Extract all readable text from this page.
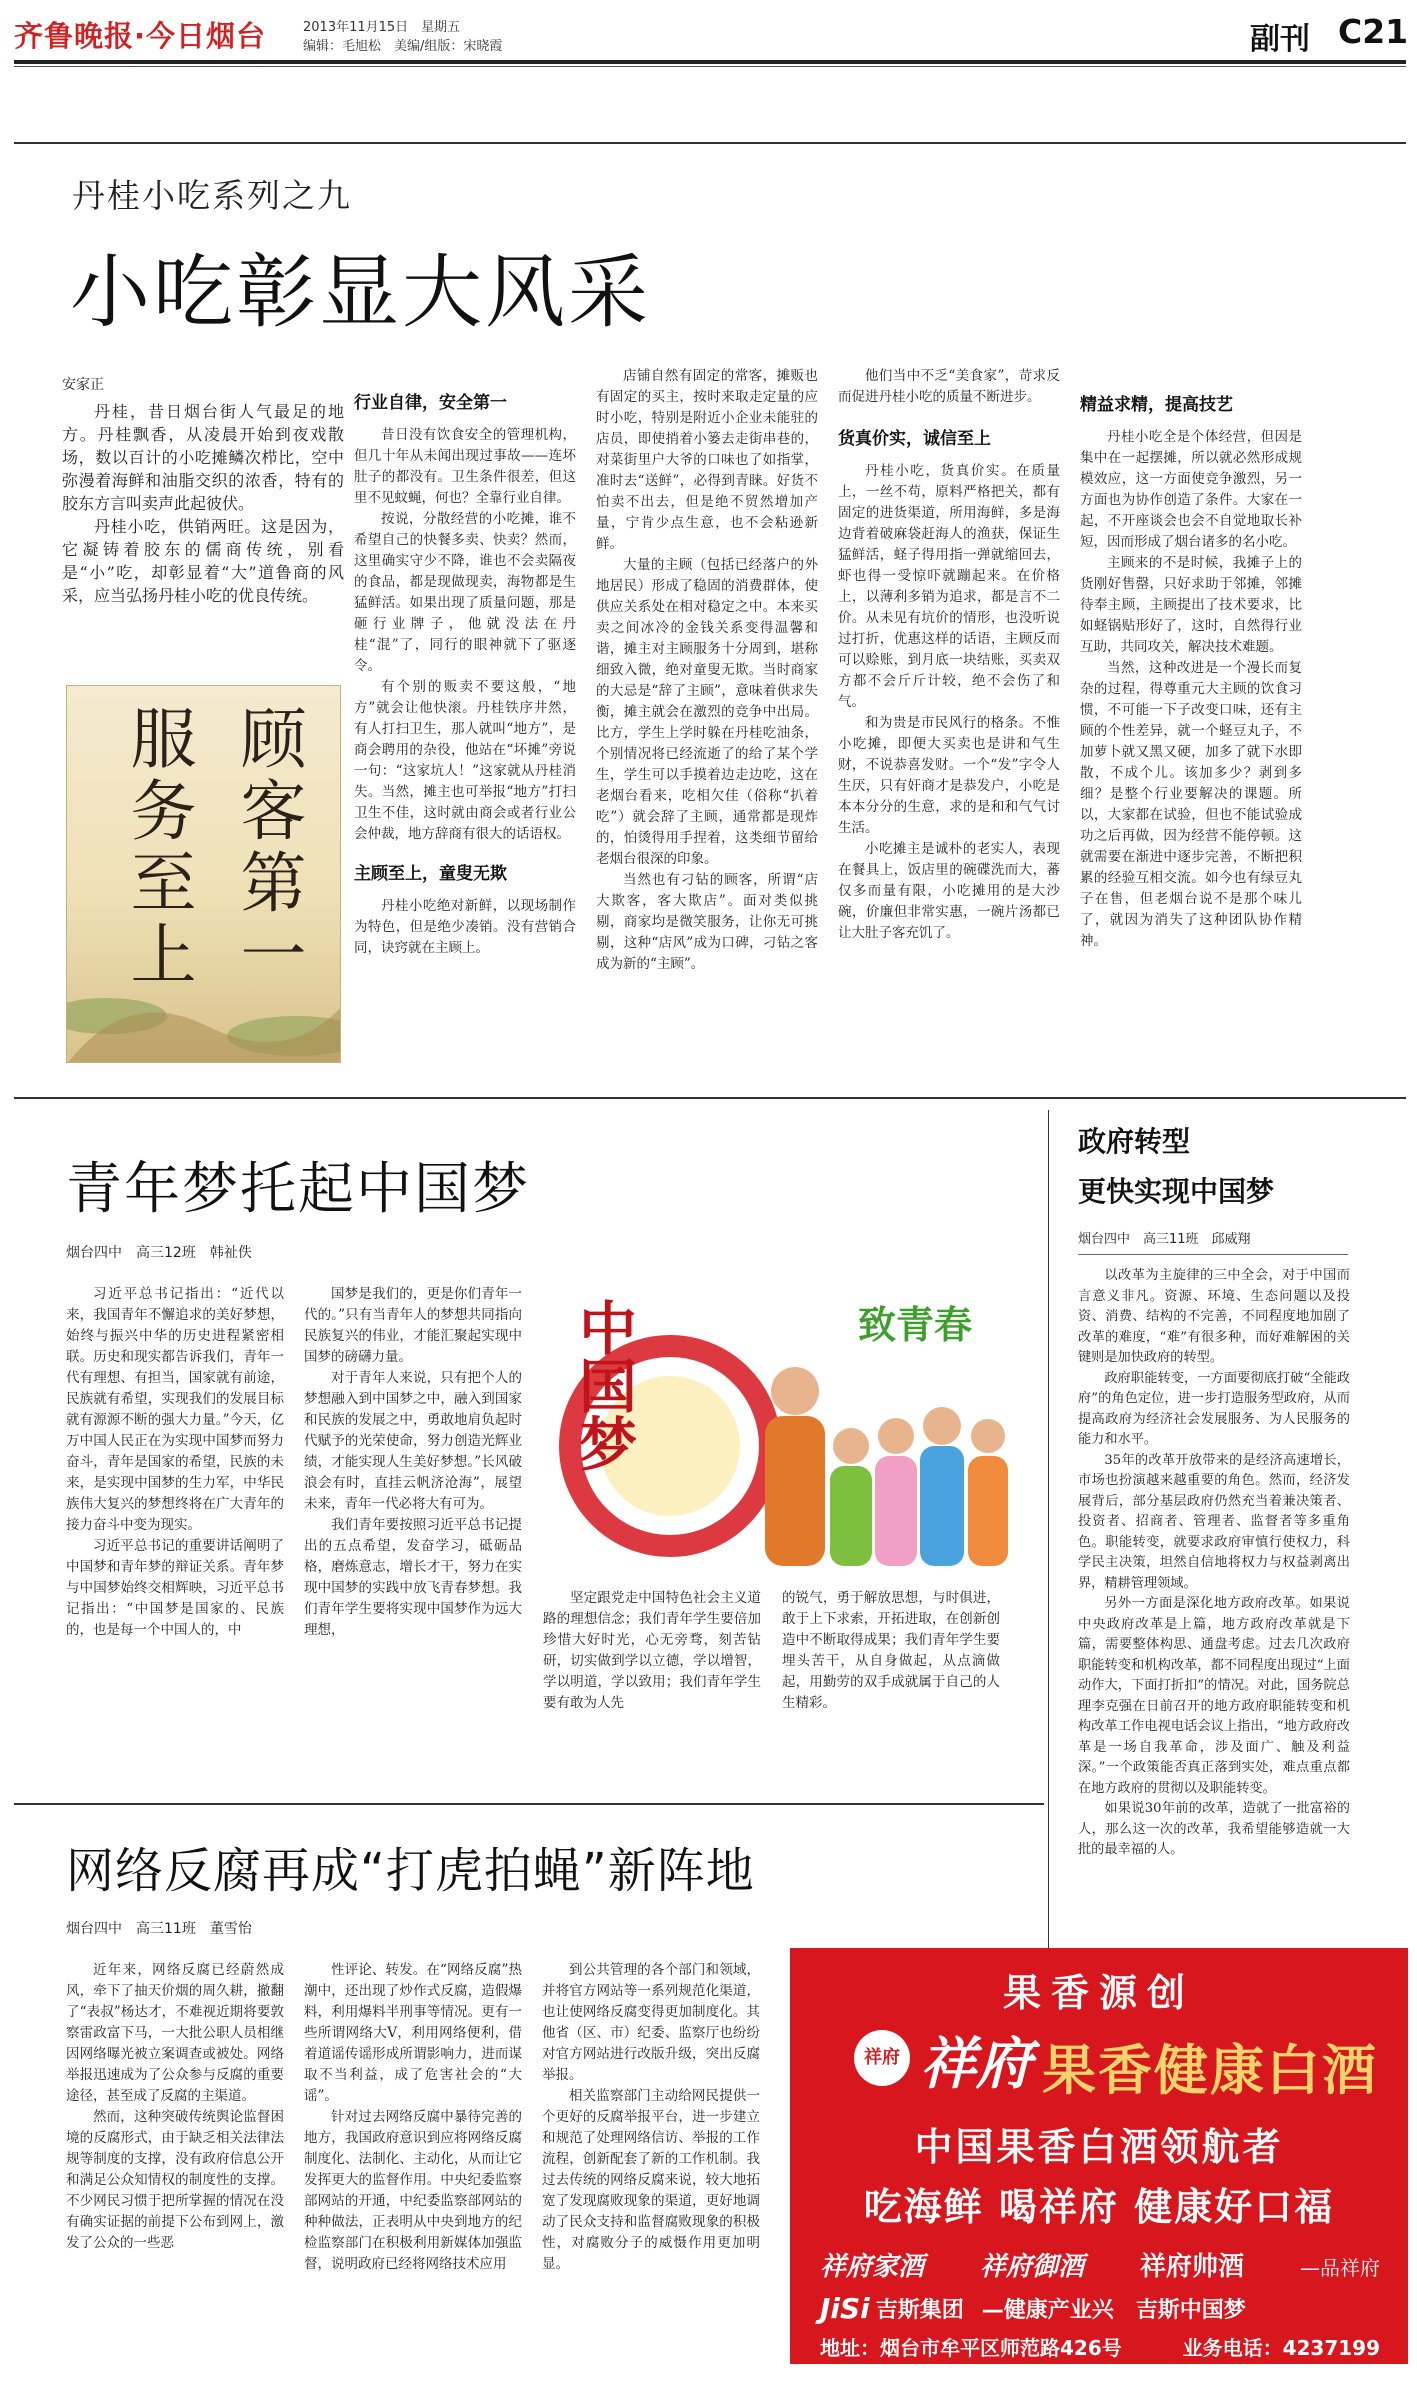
齐鲁晚报·今日烟台	2013年11月15日　星期五
编辑：毛旭松　美编/组版：宋晓霞	副刊 C21
丹桂小吃系列之九
小吃彰显大风采
安家正

丹桂，昔日烟台街人气最足的地方。丹桂飘香，从凌晨开始到夜戏散场，数以百计的小吃摊鳞次栉比，空中弥漫着海鲜和油脂交织的浓香，特有的胶东方言叫卖声此起彼伏。

丹桂小吃，供销两旺。这是因为，它凝铸着胶东的儒商传统，别看是“小”吃，却彰显着“大”道鲁商的风采，应当弘扬丹桂小吃的优良传统。

顾客第一 服务至上
行业自律，安全第一

昔日没有饮食安全的管理机构，但几十年从未闻出现过事故——连坏肚子的都没有。卫生条件很差，但这里不见蚊蝇，何也？全靠行业自律。

按说，分散经营的小吃摊，谁不希望自己的快餐多卖、快卖？然而，这里确实守少不降，谁也不会卖隔夜的食品，都是现做现卖，海物都是生猛鲜活。如果出现了质量问题，那是砸行业牌子，他就没法在丹桂“混”了，同行的眼神就下了驱逐令。

有个别的贩卖不要这般，“地方”就会让他快滚。丹桂铁序井然，有人打扫卫生，那人就叫“地方”，是商会聘用的杂役，他站在“坏摊”旁说一句：“这家坑人！”这家就从丹桂消失。当然，摊主也可举报“地方”打扫卫生不佳，这时就由商会或者行业公会仲裁，地方辞商有很大的话语权。

主顾至上，童叟无欺

丹桂小吃绝对新鲜，以现场制作为特色，但是绝少凑销。没有营销合同，诀窍就在主顾上。

店铺自然有固定的常客，摊贩也有固定的买主，按时来取走定量的应时小吃，特别是附近小企业未能驻的店员，即使捎着小篓去走街串巷的，对菜街里户大爷的口味也了如指掌，准时去“送鲜”，必得到青睐。好货不怕卖不出去，但是绝不贸然增加产量，宁肯少点生意，也不会粘逊新鲜。

大量的主顾（包括已经落户的外地居民）形成了稳固的消费群体，使供应关系处在相对稳定之中。本来买卖之间冰冷的金钱关系变得温馨和谐，摊主对主顾服务十分周到，堪称细致入微，绝对童叟无欺。当时商家的大忌是“辞了主顾”，意味着供求失衡，摊主就会在激烈的竞争中出局。比方，学生上学时躲在丹桂吃油条，个别情况将已经流逝了的给了某个学生，学生可以手摸着边走边吃，这在老烟台看来，吃相欠佳（俗称“扒着吃”）就会辞了主顾，通常都是现炸的，怕烫得用手捏着，这类细节留给老烟台很深的印象。

当然也有刁钻的顾客，所谓“店大欺客，客大欺店”。面对类似挑剔，商家均是微笑服务，让你无可挑剔，这种“店风”成为口碑，刁钻之客成为新的“主顾”。

他们当中不乏“美食家”，苛求反而促进丹桂小吃的质量不断进步。

货真价实，诚信至上

丹桂小吃，货真价实。在质量上，一丝不苟，原料严格把关，都有固定的进货渠道，所用海鲜，多是海边背着破麻袋赶海人的渔获，保证生猛鲜活，蛏子得用指一弹就缩回去，虾也得一受惊吓就蹦起来。在价格上，以薄利多销为追求，都是言不二价。从未见有坑价的情形，也没听说过打折，优惠这样的话语，主顾反而可以赊账，到月底一块结账，买卖双方都不会斤斤计较，绝不会伤了和气。

和为贵是市民风行的格条。不惟小吃摊，即便大买卖也是讲和气生财，不说恭喜发财。一个“发”字令人生厌，只有奸商才是恭发户，小吃是本本分分的生意，求的是和和气气讨生活。

小吃摊主是诚朴的老实人，表现在餐具上，饭店里的碗碟洗而大，蕃仅多而量有限，小吃摊用的是大沙碗，价廉但非常实惠，一碗片汤都已让大肚子客充饥了。

精益求精，提高技艺

丹桂小吃全是个体经营，但因是集中在一起摆摊，所以就必然形成规模效应，这一方面使竞争激烈，另一方面也为协作创造了条件。大家在一起，不开座谈会也会不自觉地取长补短，因而形成了烟台诸多的名小吃。

主顾来的不是时候，我摊子上的货刚好售罄，只好求助于邻摊，邻摊待奉主顾，主顾提出了技术要求，比如蛏锅贴形好了，这时，自然得行业互助，共同攻关，解决技术难题。

当然，这种改进是一个漫长而复杂的过程，得尊重元大主顾的饮食习惯，不可能一下子改变口味，还有主顾的个性差异，就一个蛏豆丸子，不加萝卜就又黑又硬，加多了就下水即散，不成个儿。该加多少？剥到多细？是整个行业要解决的课题。所以，大家都在试验，但也不能试验成功之后再做，因为经营不能停顿。这就需要在渐进中逐步完善，不断把积累的经验互相交流。如今也有绿豆丸子在售，但老烟台说不是那个味儿了，就因为消失了这种团队协作精神。

青年梦托起中国梦
烟台四中　高三12班　韩祉佚

习近平总书记指出：“近代以来，我国青年不懈追求的美好梦想，始终与振兴中华的历史进程紧密相联。历史和现实都告诉我们，青年一代有理想、有担当，国家就有前途，民族就有希望，实现我们的发展目标就有源源不断的强大力量。”今天，亿万中国人民正在为实现中国梦而努力奋斗，青年是国家的希望，民族的未来，是实现中国梦的生力军，中华民族伟大复兴的梦想终将在广大青年的接力奋斗中变为现实。

习近平总书记的重要讲话阐明了中国梦和青年梦的辩证关系。青年梦与中国梦始终交相辉映，习近平总书记指出：“中国梦是国家的、民族的，也是每一个中国人的，中

国梦是我们的，更是你们青年一代的。”只有当青年人的梦想共同指向民族复兴的伟业，才能汇聚起实现中国梦的磅礴力量。

对于青年人来说，只有把个人的梦想融入到中国梦之中，融入到国家和民族的发展之中，勇敢地肩负起时代赋予的光荣使命，努力创造光辉业绩，才能实现人生美好梦想。”长风破浪会有时，直挂云帆济沧海”，展望未来，青年一代必将大有可为。

我们青年要按照习近平总书记提出的五点希望，发奋学习，砥砺品格，磨炼意志，增长才干，努力在实现中国梦的实践中放飞青春梦想。我们青年学生要将实现中国梦作为远大理想，

中国梦	致青春

坚定跟党走中国特色社会主义道路的理想信念；我们青年学生要倍加珍惜大好时光，心无旁骛，刻苦钻研，切实做到学以立德，学以增智，学以明道，学以致用；我们青年学生要有敢为人先

的锐气，勇于解放思想，与时俱进，敢于上下求索，开拓进取，在创新创造中不断取得成果；我们青年学生要埋头苦干，从自身做起，从点滴做起，用勤劳的双手成就属于自己的人生精彩。

政府转型
更快实现中国梦
烟台四中　高三11班　邱威翔

以改革为主旋律的三中全会，对于中国而言意义非凡。资源、环境、生态问题以及投资、消费、结构的不完善，不同程度地加剧了改革的难度，“难”有很多种，而好难解困的关键则是加快政府的转型。

政府职能转变，一方面要彻底打破“全能政府”的角色定位，进一步打造服务型政府，从而提高政府为经济社会发展服务、为人民服务的能力和水平。

35年的改革开放带来的是经济高速增长，市场也扮演越来越重要的角色。然而，经济发展背后，部分基层政府仍然充当着兼决策者、投资者、招商者、管理者、监督者等多重角色。职能转变，就要求政府审慎行使权力，科学民主决策，坦然自信地将权力与权益剥离出界，精耕管理领域。

另外一方面是深化地方政府改革。如果说中央政府改革是上篇，地方政府改革就是下篇，需要整体构思、通盘考虑。过去几次政府职能转变和机构改革，都不同程度出现过“上面动作大，下面打折扣”的情况。对此，国务院总理李克强在日前召开的地方政府职能转变和机构改革工作电视电话会议上指出，“地方政府改革是一场自我革命，涉及面广、触及利益深。”一个政策能否真正落到实处，难点重点都在地方政府的贯彻以及职能转变。

如果说30年前的改革，造就了一批富裕的人，那么这一次的改革，我希望能够造就一大批的最幸福的人。

网络反腐再成“打虎拍蝇”新阵地
烟台四中　高三11班　董雪怡

近年来，网络反腐已经蔚然成风，牵下了抽天价烟的周久耕，撤翻了“表叔”杨达才，不难视近期将要敦察雷政富下马，一大批公职人员相继因网络曝光被立案调查或被处。网络举报迅速成为了公众参与反腐的重要途径，甚至成了反腐的主渠道。

然而，这种突破传统舆论监督困境的反腐形式，由于缺乏相关法律法规等制度的支撑，没有政府信息公开和满足公众知情权的制度性的支撑。不少网民习惯于把所掌握的情况在没有确实证据的前提下公布到网上，激发了公众的一些恶

性评论、转发。在“网络反腐”热潮中，还出现了炒作式反腐，造假爆料，利用爆料半刑事等情况。更有一些所谓网络大V，利用网络便利，借着道谣传谣形成所谓影响力，进而谋取不当利益，成了危害社会的“大谣”。

针对过去网络反腐中暴待完善的地方，我国政府意识到应将网络反腐制度化、法制化、主动化，从而让它发挥更大的监督作用。中央纪委监察部网站的开通，中纪委监察部网站的种种做法，正表明从中央到地方的纪检监察部门在积极利用新媒体加强监督，说明政府已经将网络技术应用

到公共管理的各个部门和领域，并将官方网站等一系列规范化渠道，也让使网络反腐变得更加制度化。其他省（区、市）纪委、监察厅也纷纷对官方网站进行改版升级，突出反腐举报。

相关监察部门主动给网民提供一个更好的反腐举报平台，进一步建立和规范了处理网络信访、举报的工作流程，创新配套了新的工作机制。我过去传统的网络反腐来说，较大地拓宽了发现腐败现象的渠道，更好地调动了民众支持和监督腐败现象的积极性，对腐败分子的威慑作用更加明显。

果香源创
祥府 祥府 果香健康白酒
中国果香白酒领航者
吃海鲜 喝祥府 健康好口福
祥府家酒 祥府御酒 祥府帅酒	—品祥府
JiSi 吉斯集团 —健康产业兴　吉斯中国梦
地址：烟台市牟平区师范路426号	业务电话：4237199
